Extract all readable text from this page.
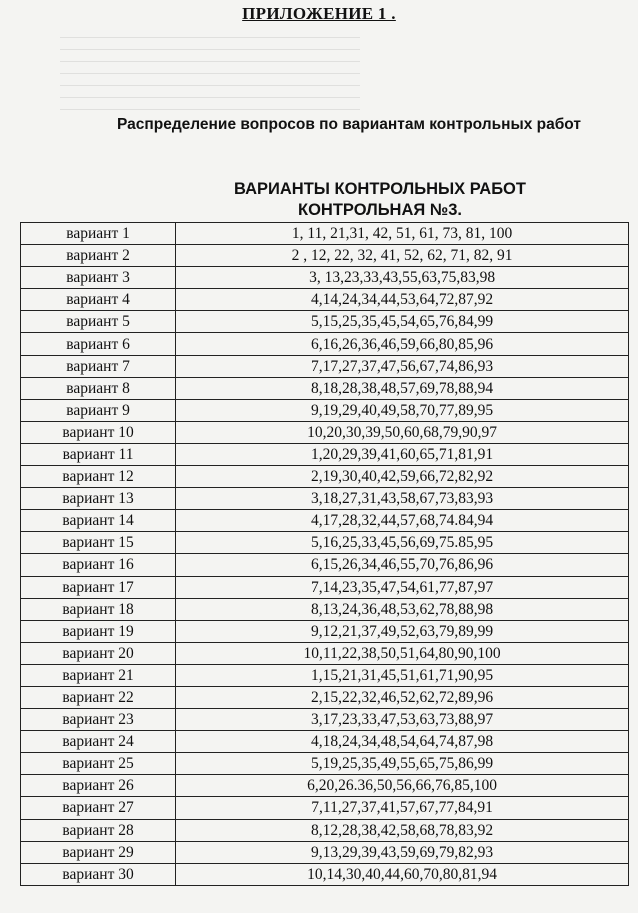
ПРИЛОЖЕНИЕ 1 .
Распределение вопросов по вариантам контрольных работ
ВАРИАНТЫ КОНТРОЛЬНЫХ РАБОТ
КОНТРОЛЬНАЯ №3.
вариант 1	1, 11, 21,31, 42, 51, 61, 73, 81, 100
вариант 2	2 , 12, 22, 32, 41, 52, 62, 71, 82, 91
вариант 3	3, 13,23,33,43,55,63,75,83,98
вариант 4	4,14,24,34,44,53,64,72,87,92
вариант 5	5,15,25,35,45,54,65,76,84,99
вариант 6	6,16,26,36,46,59,66,80,85,96
вариант 7	7,17,27,37,47,56,67,74,86,93
вариант 8	8,18,28,38,48,57,69,78,88,94
вариант 9	9,19,29,40,49,58,70,77,89,95
вариант 10	10,20,30,39,50,60,68,79,90,97
вариант 11	1,20,29,39,41,60,65,71,81,91
вариант 12	2,19,30,40,42,59,66,72,82,92
вариант 13	3,18,27,31,43,58,67,73,83,93
вариант 14	4,17,28,32,44,57,68,74.84,94
вариант 15	5,16,25,33,45,56,69,75.85,95
вариант 16	6,15,26,34,46,55,70,76,86,96
вариант 17	7,14,23,35,47,54,61,77,87,97
вариант 18	8,13,24,36,48,53,62,78,88,98
вариант 19	9,12,21,37,49,52,63,79,89,99
вариант 20	10,11,22,38,50,51,64,80,90,100
вариант 21	1,15,21,31,45,51,61,71,90,95
вариант 22	2,15,22,32,46,52,62,72,89,96
вариант 23	3,17,23,33,47,53,63,73,88,97
вариант 24	4,18,24,34,48,54,64,74,87,98
вариант 25	5,19,25,35,49,55,65,75,86,99
вариант 26	6,20,26.36,50,56,66,76,85,100
вариант 27	7,11,27,37,41,57,67,77,84,91
вариант 28	8,12,28,38,42,58,68,78,83,92
вариант 29	9,13,29,39,43,59,69,79,82,93
вариант 30	10,14,30,40,44,60,70,80,81,94
